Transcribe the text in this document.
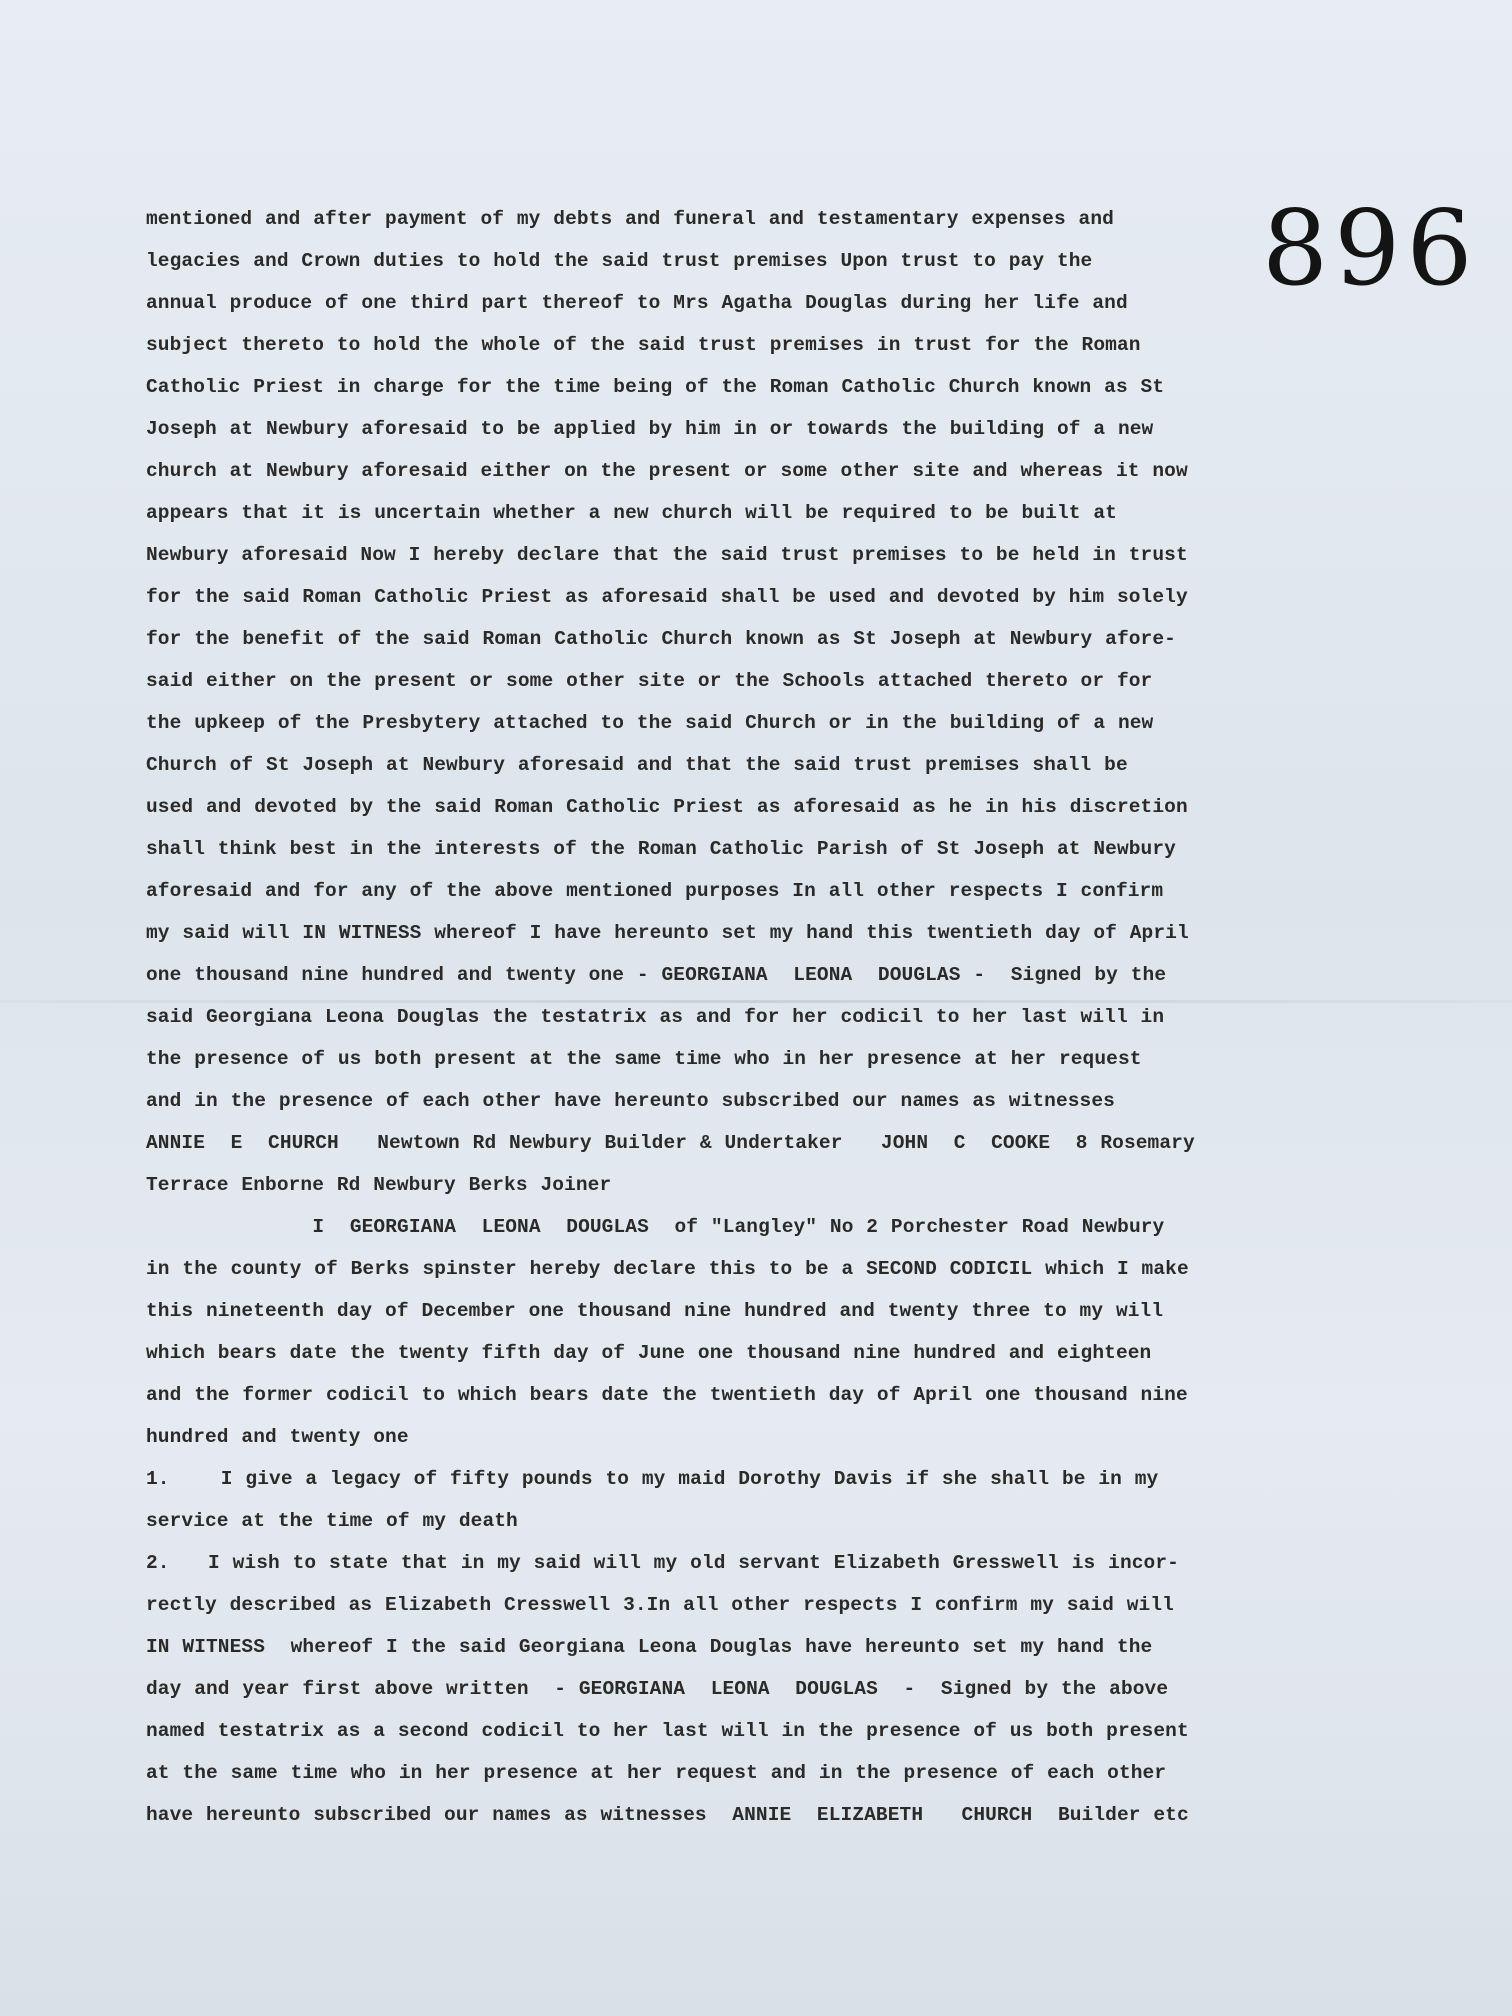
896
mentioned and after payment of my debts and funeral and testamentary expenses and
legacies and Crown duties to hold the said trust premises Upon trust to pay the
annual produce of one third part thereof to Mrs Agatha Douglas during her life and
subject thereto to hold the whole of the said trust premises in trust for the Roman
Catholic Priest in charge for the time being of the Roman Catholic Church known as St
Joseph at Newbury aforesaid to be applied by him in or towards the building of a new
church at Newbury aforesaid either on the present or some other site and whereas it now
appears that it is uncertain whether a new church will be required to be built at
Newbury aforesaid Now I hereby declare that the said trust premises to be held in trust
for the said Roman Catholic Priest as aforesaid shall be used and devoted by him solely
for the benefit of the said Roman Catholic Church known as St Joseph at Newbury afore-
said either on the present or some other site or the Schools attached thereto or for
the upkeep of the Presbytery attached to the said Church or in the building of a new
Church of St Joseph at Newbury aforesaid and that the said trust premises shall be
used and devoted by the said Roman Catholic Priest as aforesaid as he in his discretion
shall think best in the interests of the Roman Catholic Parish of St Joseph at Newbury
aforesaid and for any of the above mentioned purposes In all other respects I confirm
my said will IN WITNESS whereof I have hereunto set my hand this twentieth day of April
one thousand nine hundred and twenty one - GEORGIANA  LEONA  DOUGLAS -  Signed by the
said Georgiana Leona Douglas the testatrix as and for her codicil to her last will in
the presence of us both present at the same time who in her presence at her request
and in the presence of each other have hereunto subscribed our names as witnesses
ANNIE  E  CHURCH   Newtown Rd Newbury Builder & Undertaker   JOHN  C  COOKE  8 Rosemary
Terrace Enborne Rd Newbury Berks Joiner
I  GEORGIANA  LEONA  DOUGLAS  of "Langley" No 2 Porchester Road Newbury
in the county of Berks spinster hereby declare this to be a SECOND CODICIL which I make
this nineteenth day of December one thousand nine hundred and twenty three to my will
which bears date the twenty fifth day of June one thousand nine hundred and eighteen
and the former codicil to which bears date the twentieth day of April one thousand nine
hundred and twenty one
1.    I give a legacy of fifty pounds to my maid Dorothy Davis if she shall be in my
service at the time of my death
2.   I wish to state that in my said will my old servant Elizabeth Gresswell is incor-
rectly described as Elizabeth Cresswell 3.In all other respects I confirm my said will
IN WITNESS  whereof I the said Georgiana Leona Douglas have hereunto set my hand the
day and year first above written  - GEORGIANA  LEONA  DOUGLAS  -  Signed by the above
named testatrix as a second codicil to her last will in the presence of us both present
at the same time who in her presence at her request and in the presence of each other
have hereunto subscribed our names as witnesses  ANNIE  ELIZABETH   CHURCH  Builder etc
